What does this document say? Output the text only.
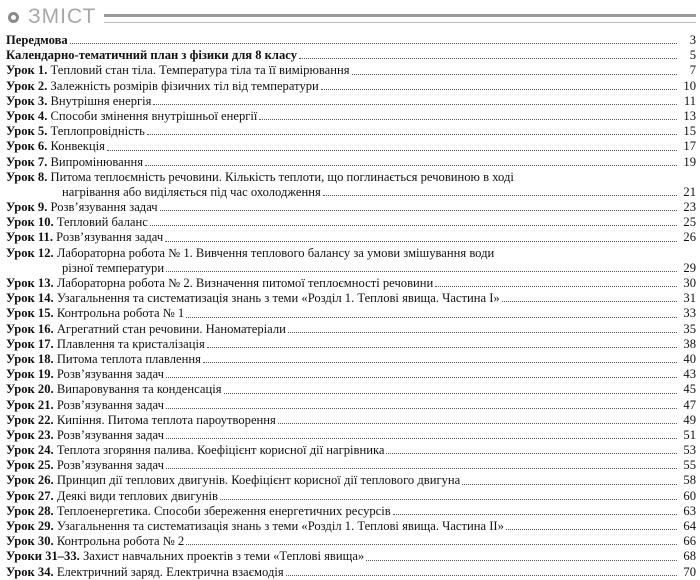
ЗМІСТ
Передмова	3
Календарно-тематичний план з фізики для 8 класу	5
Урок 1. Тепловий стан тіла. Температура тіла та її вимірювання	7
Урок 2. Залежність розмірів фізичних тіл від температури	10
Урок 3. Внутрішня енергія	11
Урок 4. Способи змінення внутрішньої енергії	13
Урок 5. Теплопровідність	15
Урок 6. Конвекція	17
Урок 7. Випромінювання	19
Урок 8. Питома теплоємність речовини. Кількість теплоти, що поглинається речовиною в ході
нагрівання або виділяється під час охолодження	21
Урок 9. Розв’язування задач	23
Урок 10. Тепловий баланс	25
Урок 11. Розв’язування задач	26
Урок 12. Лабораторна робота № 1. Вивчення теплового балансу за умови змішування води
різної температури	29
Урок 13. Лабораторна робота № 2. Визначення питомої теплоємності речовини	30
Урок 14. Узагальнення та систематизація знань з теми «Розділ 1. Теплові явища. Частина І»	31
Урок 15. Контрольна робота № 1	33
Урок 16. Агрегатний стан речовини. Наноматеріали	35
Урок 17. Плавлення та кристалізація	38
Урок 18. Питома теплота плавлення	40
Урок 19. Розв’язування задач	43
Урок 20. Випаровування та конденсація	45
Урок 21. Розв’язування задач	47
Урок 22. Кипіння. Питома теплота пароутворення	49
Урок 23. Розв’язування задач	51
Урок 24. Теплота згоряння палива. Коефіцієнт корисної дії нагрівника	53
Урок 25. Розв’язування задач	55
Урок 26. Принцип дії теплових двигунів. Коефіцієнт корисної дії теплового двигуна	58
Урок 27. Деякі види теплових двигунів	60
Урок 28. Теплоенергетика. Способи збереження енергетичних ресурсів	63
Урок 29. Узагальнення та систематизація знань з теми «Розділ 1. Теплові явища. Частина ІІ»	64
Урок 30. Контрольна робота № 2	66
Уроки 31–33. Захист навчальних проектів з теми «Теплові явища»	68
Урок 34. Електричний заряд. Електрична взаємодія	70
